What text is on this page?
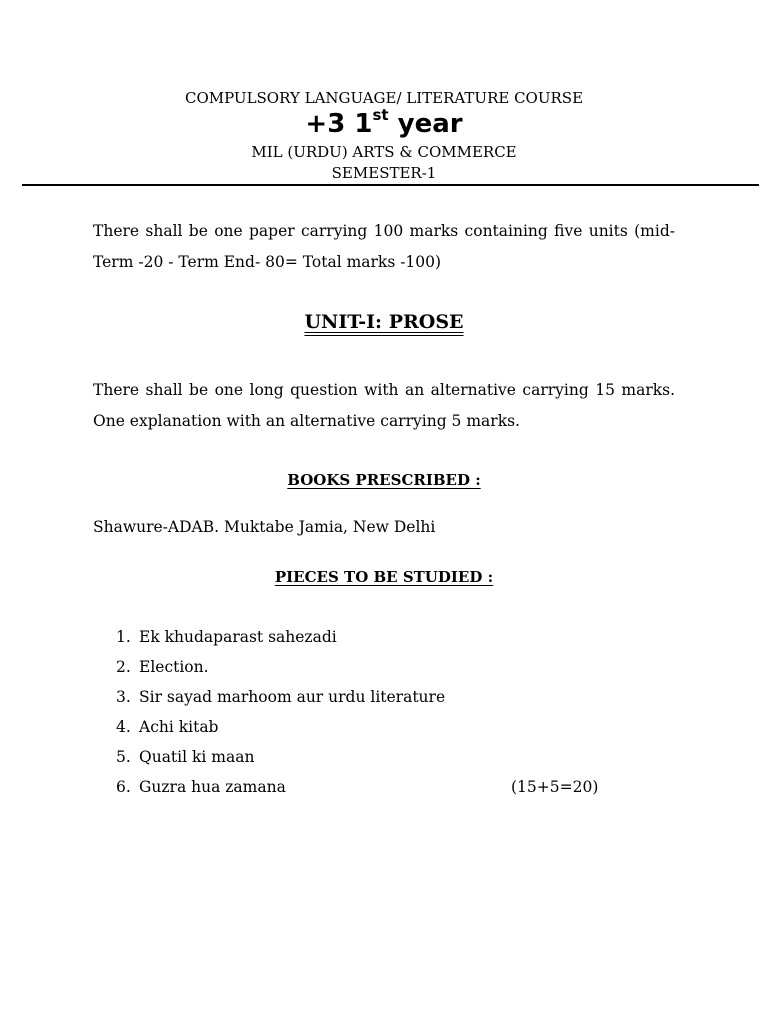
COMPULSORY LANGUAGE/ LITERATURE COURSE
+3 1st year
MIL (URDU) ARTS & COMMERCE
SEMESTER-1
There shall be one paper carrying 100 marks containing five units (mid-Term -20 - Term End- 80= Total marks -100)
UNIT-I: PROSE
There shall be one long question with an alternative carrying 15 marks. One explanation with an alternative carrying 5 marks.
BOOKS PRESCRIBED :
Shawure-ADAB. Muktabe Jamia, New Delhi
PIECES TO BE STUDIED :
1. Ek khudaparast sahezadi
2. Election.
3. Sir sayad marhoom aur urdu literature
4. Achi kitab
5. Quatil ki maan
6. Guzra hua zamana	(15+5=20)
